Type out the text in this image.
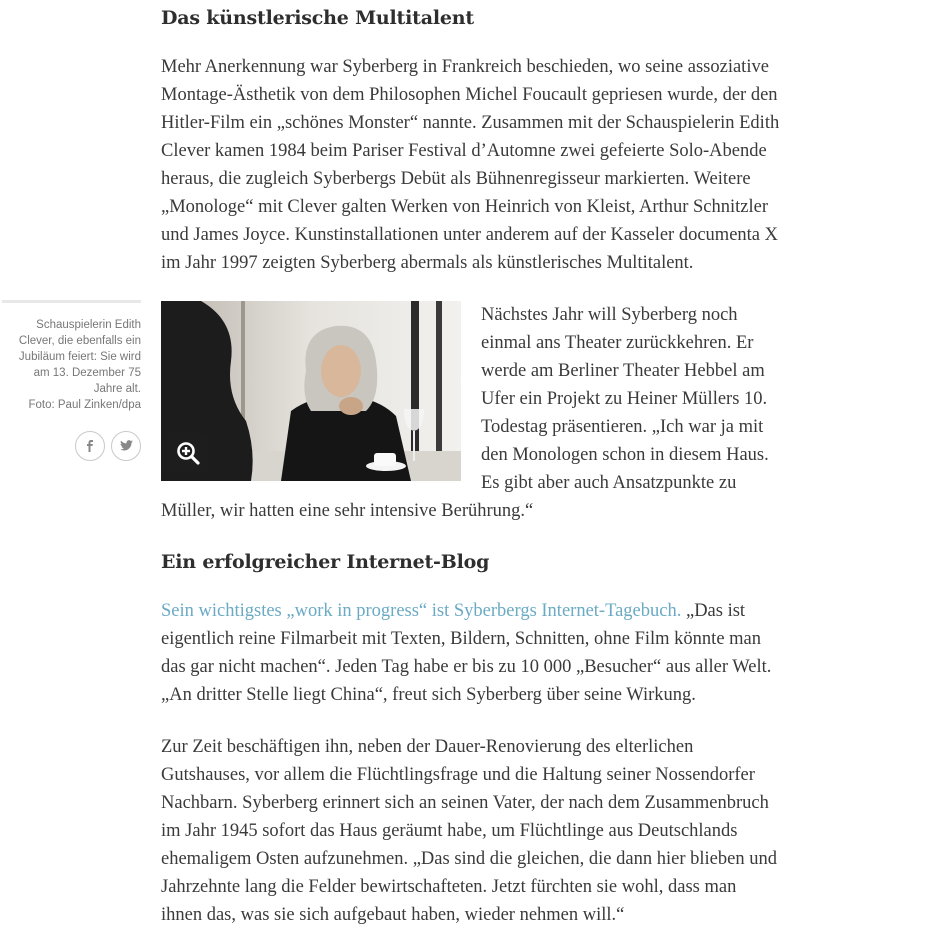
Schauspielerin Edith Clever, die ebenfalls ein Jubiläum feiert: Sie wird am 13. Dezember 75 Jahre alt.
Foto: Paul Zinken/dpa
Das künstlerische Multitalent

Mehr Anerkennung war Syberberg in Frankreich beschieden, wo seine assoziative Montage-Ästhetik von dem Philosophen Michel Foucault gepriesen wurde, der den Hitler-Film ein „schönes Monster“ nannte. Zusammen mit der Schauspielerin Edith Clever kamen 1984 beim Pariser Festival d’Automne zwei gefeierte Solo-Abende heraus, die zugleich Syberbergs Debüt als Bühnenregisseur markierten. Weitere „Monologe“ mit Clever galten Werken von Heinrich von Kleist, Arthur Schnitzler und James Joyce. Kunstinstallationen unter anderem auf der Kasseler documenta X im Jahr 1997 zeigten Syberberg abermals als künstlerisches Multitalent.

Nächstes Jahr will Syberberg noch einmal ans Theater zurückkehren. Er werde am Berliner Theater Hebbel am Ufer ein Projekt zu Heiner Müllers 10. Todestag präsentieren. „Ich war ja mit den Monologen schon in diesem Haus. Es gibt aber auch Ansatzpunkte zu Müller, wir hatten eine sehr intensive Berührung.“

Ein erfolgreicher Internet-Blog

Sein wichtigstes „work in progress“ ist Syberbergs Internet-Tagebuch. „Das ist eigentlich reine Filmarbeit mit Texten, Bildern, Schnitten, ohne Film könnte man das gar nicht machen“. Jeden Tag habe er bis zu 10 000 „Besucher“ aus aller Welt. „An dritter Stelle liegt China“, freut sich Syberberg über seine Wirkung.

Zur Zeit beschäftigen ihn, neben der Dauer-Renovierung des elterlichen Gutshauses, vor allem die Flüchtlingsfrage und die Haltung seiner Nossendorfer Nachbarn. Syberberg erinnert sich an seinen Vater, der nach dem Zusammenbruch im Jahr 1945 sofort das Haus geräumt habe, um Flüchtlinge aus Deutschlands ehemaligem Osten aufzunehmen. „Das sind die gleichen, die dann hier blieben und Jahrzehnte lang die Felder bewirtschafteten. Jetzt fürchten sie wohl, dass man ihnen das, was sie sich aufgebaut haben, wieder nehmen will.“
